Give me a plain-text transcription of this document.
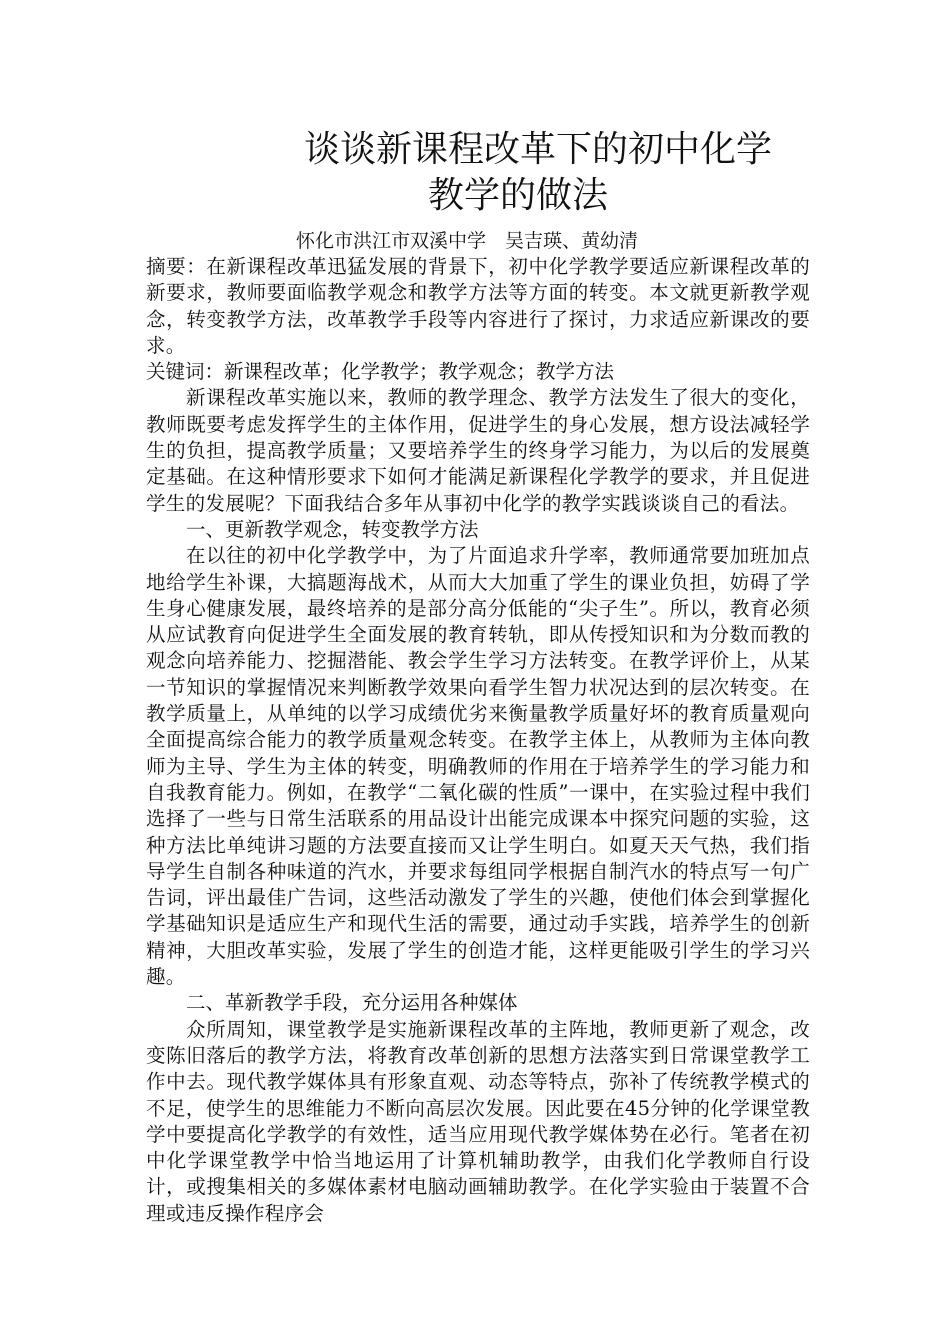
谈谈新课程改革下的初中化学
教学的做法

怀化市洪江市双溪中学　吴吉瑛、黄幼清

摘要：在新课程改革迅猛发展的背景下，初中化学教学要适应新课程改革的新要求，教师要面临教学观念和教学方法等方面的转变。本文就更新教学观念，转变教学方法，改革教学手段等内容进行了探讨，力求适应新课改的要求。

关键词：新课程改革；化学教学；教学观念；教学方法

新课程改革实施以来，教师的教学理念、教学方法发生了很大的变化，教师既要考虑发挥学生的主体作用，促进学生的身心发展，想方设法减轻学生的负担，提高教学质量；又要培养学生的终身学习能力，为以后的发展奠定基础。在这种情形要求下如何才能满足新课程化学教学的要求，并且促进学生的发展呢？下面我结合多年从事初中化学的教学实践谈谈自己的看法。

一、更新教学观念，转变教学方法

在以往的初中化学教学中，为了片面追求升学率，教师通常要加班加点地给学生补课，大搞题海战术，从而大大加重了学生的课业负担，妨碍了学生身心健康发展，最终培养的是部分高分低能的“尖子生”。所以，教育必须从应试教育向促进学生全面发展的教育转轨，即从传授知识和为分数而教的观念向培养能力、挖掘潜能、教会学生学习方法转变。在教学评价上，从某一节知识的掌握情况来判断教学效果向看学生智力状况达到的层次转变。在教学质量上，从单纯的以学习成绩优劣来衡量教学质量好坏的教育质量观向全面提高综合能力的教学质量观念转变。在教学主体上，从教师为主体向教师为主导、学生为主体的转变，明确教师的作用在于培养学生的学习能力和自我教育能力。例如，在教学“二氧化碳的性质”一课中，在实验过程中我们选择了一些与日常生活联系的用品设计出能完成课本中探究问题的实验，这种方法比单纯讲习题的方法要直接而又让学生明白。如夏天天气热，我们指导学生自制各种味道的汽水，并要求每组同学根据自制汽水的特点写一句广告词，评出最佳广告词，这些活动激发了学生的兴趣，使他们体会到掌握化学基础知识是适应生产和现代生活的需要，通过动手实践，培养学生的创新精神，大胆改革实验，发展了学生的创造才能，这样更能吸引学生的学习兴趣。

二、革新教学手段，充分运用各种媒体

众所周知，课堂教学是实施新课程改革的主阵地，教师更新了观念，改变陈旧落后的教学方法，将教育改革创新的思想方法落实到日常课堂教学工作中去。现代教学媒体具有形象直观、动态等特点，弥补了传统教学模式的不足，使学生的思维能力不断向高层次发展。因此要在45分钟的化学课堂教学中要提高化学教学的有效性，适当应用现代教学媒体势在必行。笔者在初中化学课堂教学中恰当地运用了计算机辅助教学，由我们化学教师自行设计，或搜集相关的多媒体素材电脑动画辅助教学。在化学实验由于装置不合理或违反操作程序会
